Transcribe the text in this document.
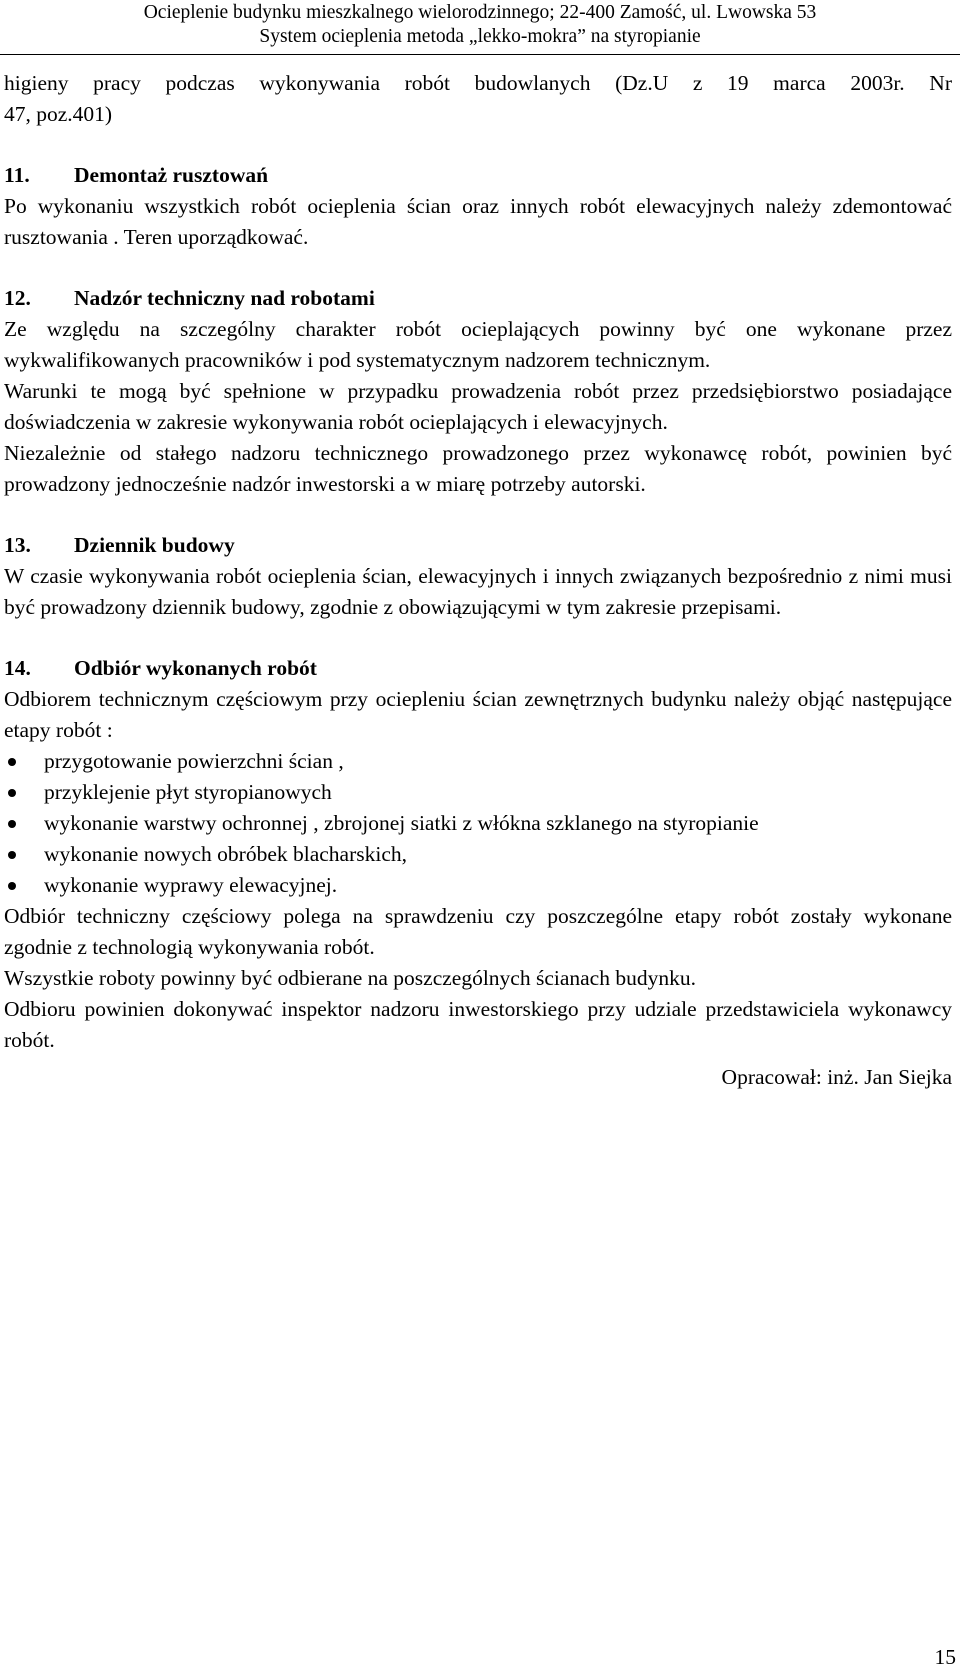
Ocieplenie budynku mieszkalnego wielorodzinnego; 22-400 Zamość, ul. Lwowska 53
System ocieplenia metoda „lekko-mokra” na styropianie

higieny pracy podczas wykonywania robót budowlanych (Dz.U z 19 marca 2003r. Nr

47, poz.401)

11. Demontaż rusztowań

Po wykonaniu wszystkich robót ocieplenia ścian oraz innych robót elewacyjnych należy zdemontować rusztowania . Teren uporządkować.

12. Nadzór techniczny nad robotami

Ze względu na szczególny charakter robót ocieplających powinny być one wykonane przez wykwalifikowanych pracowników i pod systematycznym nadzorem technicznym.

Warunki te mogą być spełnione w przypadku prowadzenia robót przez przedsiębiorstwo posiadające doświadczenia w zakresie wykonywania robót ocieplających i elewacyjnych.

Niezależnie od stałego nadzoru technicznego prowadzonego przez wykonawcę robót, powinien być prowadzony jednocześnie nadzór inwestorski a w miarę potrzeby autorski.

13. Dziennik budowy

W czasie wykonywania robót ocieplenia ścian, elewacyjnych i innych związanych bezpośrednio z nimi musi być prowadzony dziennik budowy, zgodnie z obowiązującymi w tym zakresie przepisami.

14. Odbiór wykonanych robót

Odbiorem technicznym częściowym przy ociepleniu ścian zewnętrznych budynku należy objąć następujące etapy robót :

przygotowanie powierzchni ścian ,
przyklejenie płyt styropianowych
wykonanie warstwy ochronnej , zbrojonej siatki z włókna szklanego na styropianie
wykonanie nowych obróbek blacharskich,
wykonanie wyprawy elewacyjnej.

Odbiór techniczny częściowy polega na sprawdzeniu czy poszczególne etapy robót zostały wykonane zgodnie z technologią wykonywania robót.

Wszystkie roboty powinny być odbierane na poszczególnych ścianach budynku.

Odbioru powinien dokonywać inspektor nadzoru inwestorskiego przy udziale przedstawiciela wykonawcy robót.

Opracował: inż. Jan Siejka

15
